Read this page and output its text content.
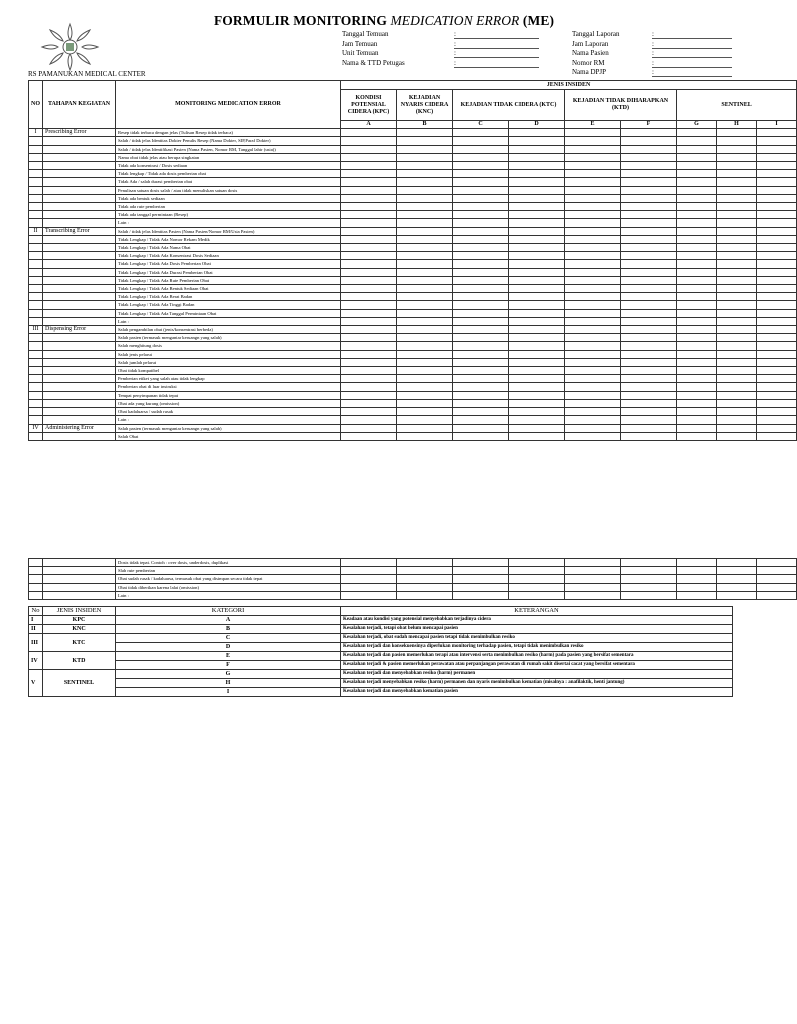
FORMULIR MONITORING MEDICATION ERROR (ME)
RS PAMANUKAN MEDICAL CENTER
Tanggal Temuan	:
Jam Temuan	:
Unit Temuan	:
Nama & TTD Petugas	:
Tanggal Laporan	:
Jam Laporan	:
Nama Pasien	:
Nomor RM	:
Nama DPJP	:
NO	TAHAPAN KEGIATAN	MONITORING MEDICATION ERROR	JENIS INSIDEN								
			KONDISI POTENSIAL CIDERA (KPC)	KEJADIAN NYARIS CIDERA (KNC)	KEJADIAN TIDAK CIDERA (KTC)		KEJADIAN TIDAK DIHARAPKAN (KTD)		SENTINEL		
			A	B	C	D	E	F	G	H	I
I	Prescribing Error	Resep tidak terbaca dengan jelas (Tulisan Resep tidak terbaca)									
		Salah / tidak jelas Identitas Dokter Penulis Resep (Nama Dokter, SIP,Paraf Dokter)									
		Salah / tidak jelas Identifikasi Pasien (Nama Pasien, Nomor RM, Tanggal lahir (usia))									
		Nama obat tidak jelas atau berupa singkatan									
		Tidak ada konsentrasi / Dosis sediaan									
		Tidak lengkap / Tidak ada dosis pemberian obat									
		Tidak Ada / salah durasi pemberian obat									
		Penulisan satuan dosis salah / atau tidak menuliskan satuan dosis									
		Tidak ada bentuk sediaan									
		Tidak ada rute pemberian									
		Tidak ada tanggal permintaan (Resep)									
		Lain :									
II	Transcribing Error	Salah / tidak jelas Identitas Pasien (Nama Pasien/Nomor RM/Usia Pasien)									
		Tidak Lengkap / Tidak Ada Nomor Rekam Medik									
		Tidak Lengkap / Tidak Ada Nama Obat									
		Tidak Lengkap / Tidak Ada Konsentrasi Dosis Sediaan									
		Tidak Lengkap / Tidak Ada Dosis Pemberian Obat									
		Tidak Lengkap / Tidak Ada Durasi Pemberian Obat									
		Tidak Lengkap / Tidak Ada Rute Pemberian Obat									
		Tidak Lengkap / Tidak Ada Bentuk Sediaan Obat									
		Tidak Lengkap / Tidak Ada Berat Badan									
		Tidak Lengkap / Tidak Ada Tinggi Badan									
		Tidak Lengkap / Tidak Ada Tanggal Permintaan Obat									
		Lain :									
III	Dispensing Error	Salah pengambilan obat (jenis/konsentrasi berbeda)									
		Salah pasien (termasuk mengantar keruangn yang salah)									
		Salah menghitung dosis									
		Salah jenis pelarut									
		Salah jumlah pelarut									
		Obat tidak kompatibel									
		Pemberian etiket yang salah atau tidak lengkap									
		Pemberian obat di luar instruksi									
		Tempat penyimpanan tidak tepat									
		Obat ada yang kurang (omission)									
		Obat kadaluarsa / sudah rusak									
		Lain :									
IV	Administering Error	Salah pasien (termasuk mengantar keruangn yang salah)									
		Salah Obat									
		Dosis tidak tepat. Contoh : over dosis, underdosis, duplikasi									
		Slah rute pemberian									
		Obat sudah rusak / kadaluarsa, termasuk obat yang disimpan secara tidak tepat									
		Obat tidak diberikan karena lalai (omission)									
		Lain :									
No	JENIS INSIDEN	KATEGORI	KETERANGAN
I	KPC	A	Keadaan atau kondisi yang potensial menyebabkan terjadinya cidera
II	KNC	B	Kesalahan terjadi, tetapi obat belum mencapai pasien
III	KTC	C	Kesalahan terjadi, obat sudah mencapai pasien tetapi tidak menimbulkan resiko
		D	Kesalahan terjadi dan konsekuensinya diperlukan monitoring terhadap pasien, tetapi tidak menimbulkan resiko
IV	KTD	E	Kesalahan terjadi dan pasien memerlukan terapi atau intervensi serta menimbulkan resiko (harm) pada pasien yang bersifat sementara
		F	Kesalahan terjadi & pasien memerlukan perawatan atau perpanjangan perawatan di rumah sakit disertai cacat yang bersifat sementara
V	SENTINEL	G	Kesalahan terjadi dan menyebabkan resiko (harm) permanen
		H	Kesalahan terjadi menyebabkan resiko (harm) permanen dan nyaris menimbulkan kematian (misalnya : anafilaktik, henti jantung)
		I	Kesalahan terjadi dan menyebabkan kematian pasien
